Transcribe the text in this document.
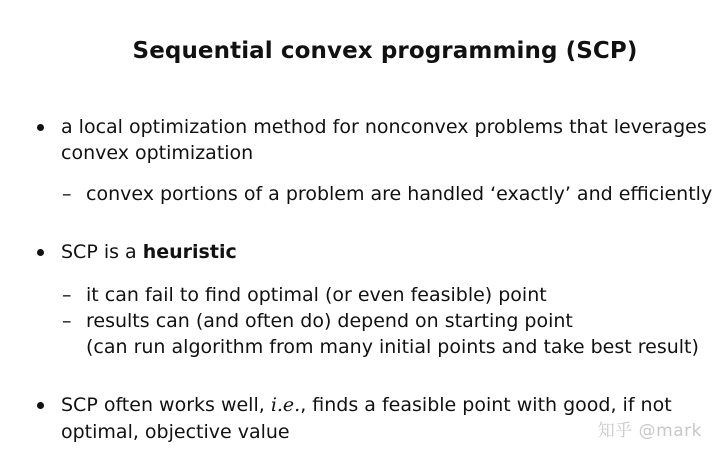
Sequential convex programming (SCP)
a local optimization method for nonconvex problems that leverages
convex optimization
– convex portions of a problem are handled ‘exactly’ and efficiently
SCP is a heuristic
– it can fail to find optimal (or even feasible) point
– results can (and often do) depend on starting point
(can run algorithm from many initial points and take best result)
SCP often works well, i.e., finds a feasible point with good, if not
optimal, objective value	知乎 @mark
